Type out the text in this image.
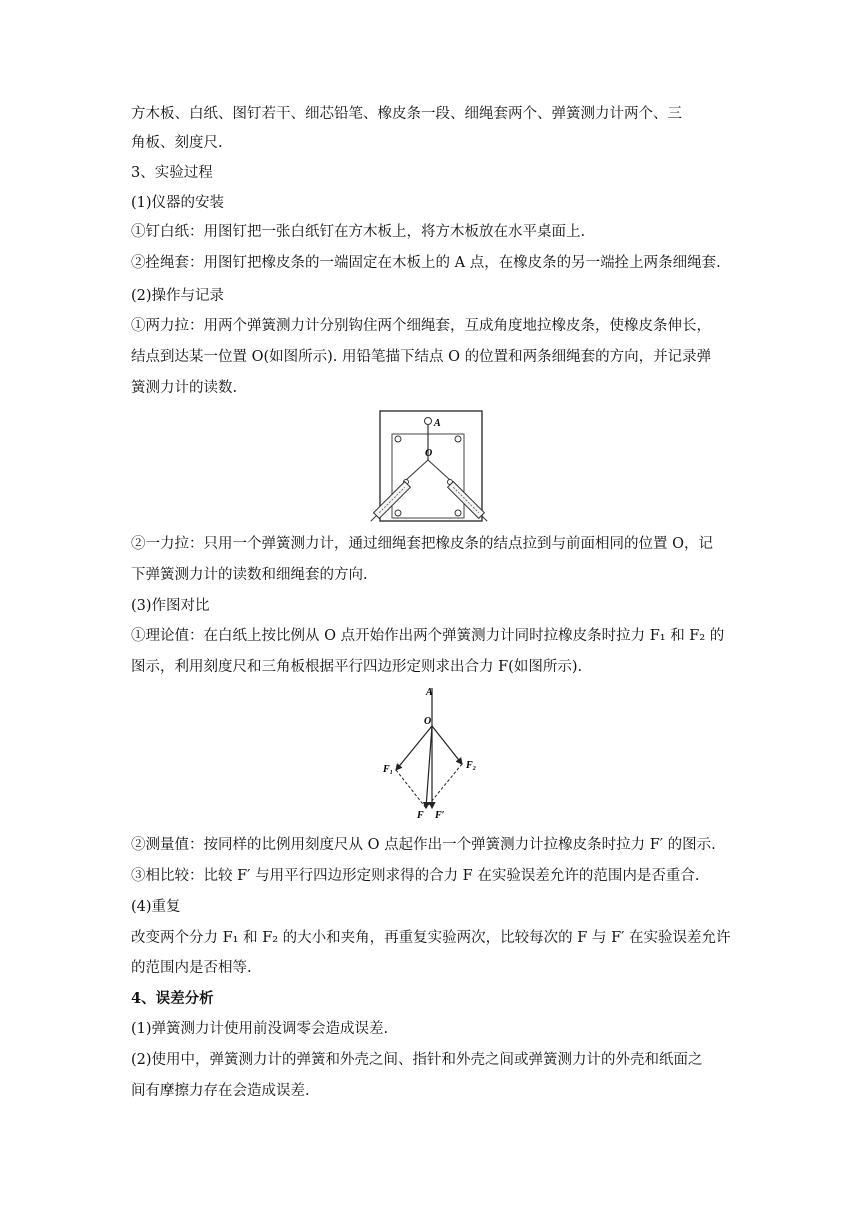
方木板、白纸、图钉若干、细芯铅笔、橡皮条一段、细绳套两个、弹簧测力计两个、三
角板、刻度尺.
3、实验过程
(1)仪器的安装
①钉白纸：用图钉把一张白纸钉在方木板上，将方木板放在水平桌面上.
②拴绳套：用图钉把橡皮条的一端固定在木板上的 A 点，在橡皮条的另一端拴上两条细绳套.
(2)操作与记录
①两力拉：用两个弹簧测力计分别钩住两个细绳套，互成角度地拉橡皮条，使橡皮条伸长，
结点到达某一位置 O(如图所示). 用铅笔描下结点 O 的位置和两条细绳套的方向，并记录弹
簧测力计的读数.
A
O
②一力拉：只用一个弹簧测力计，通过细绳套把橡皮条的结点拉到与前面相同的位置 O，记
下弹簧测力计的读数和细绳套的方向.
(3)作图对比
①理论值：在白纸上按比例从 O 点开始作出两个弹簧测力计同时拉橡皮条时拉力 F₁ 和 F₂ 的
图示，利用刻度尺和三角板根据平行四边形定则求出合力 F(如图所示).
A
O
F₁	F₂
F F′
②测量值：按同样的比例用刻度尺从 O 点起作出一个弹簧测力计拉橡皮条时拉力 F′ 的图示.
③相比较：比较 F′ 与用平行四边形定则求得的合力 F 在实验误差允许的范围内是否重合.
(4)重复
改变两个分力 F₁ 和 F₂ 的大小和夹角，再重复实验两次，比较每次的 F 与 F′ 在实验误差允许
的范围内是否相等.
4、误差分析
(1)弹簧测力计使用前没调零会造成误差.
(2)使用中，弹簧测力计的弹簧和外壳之间、指针和外壳之间或弹簧测力计的外壳和纸面之
间有摩擦力存在会造成误差.
